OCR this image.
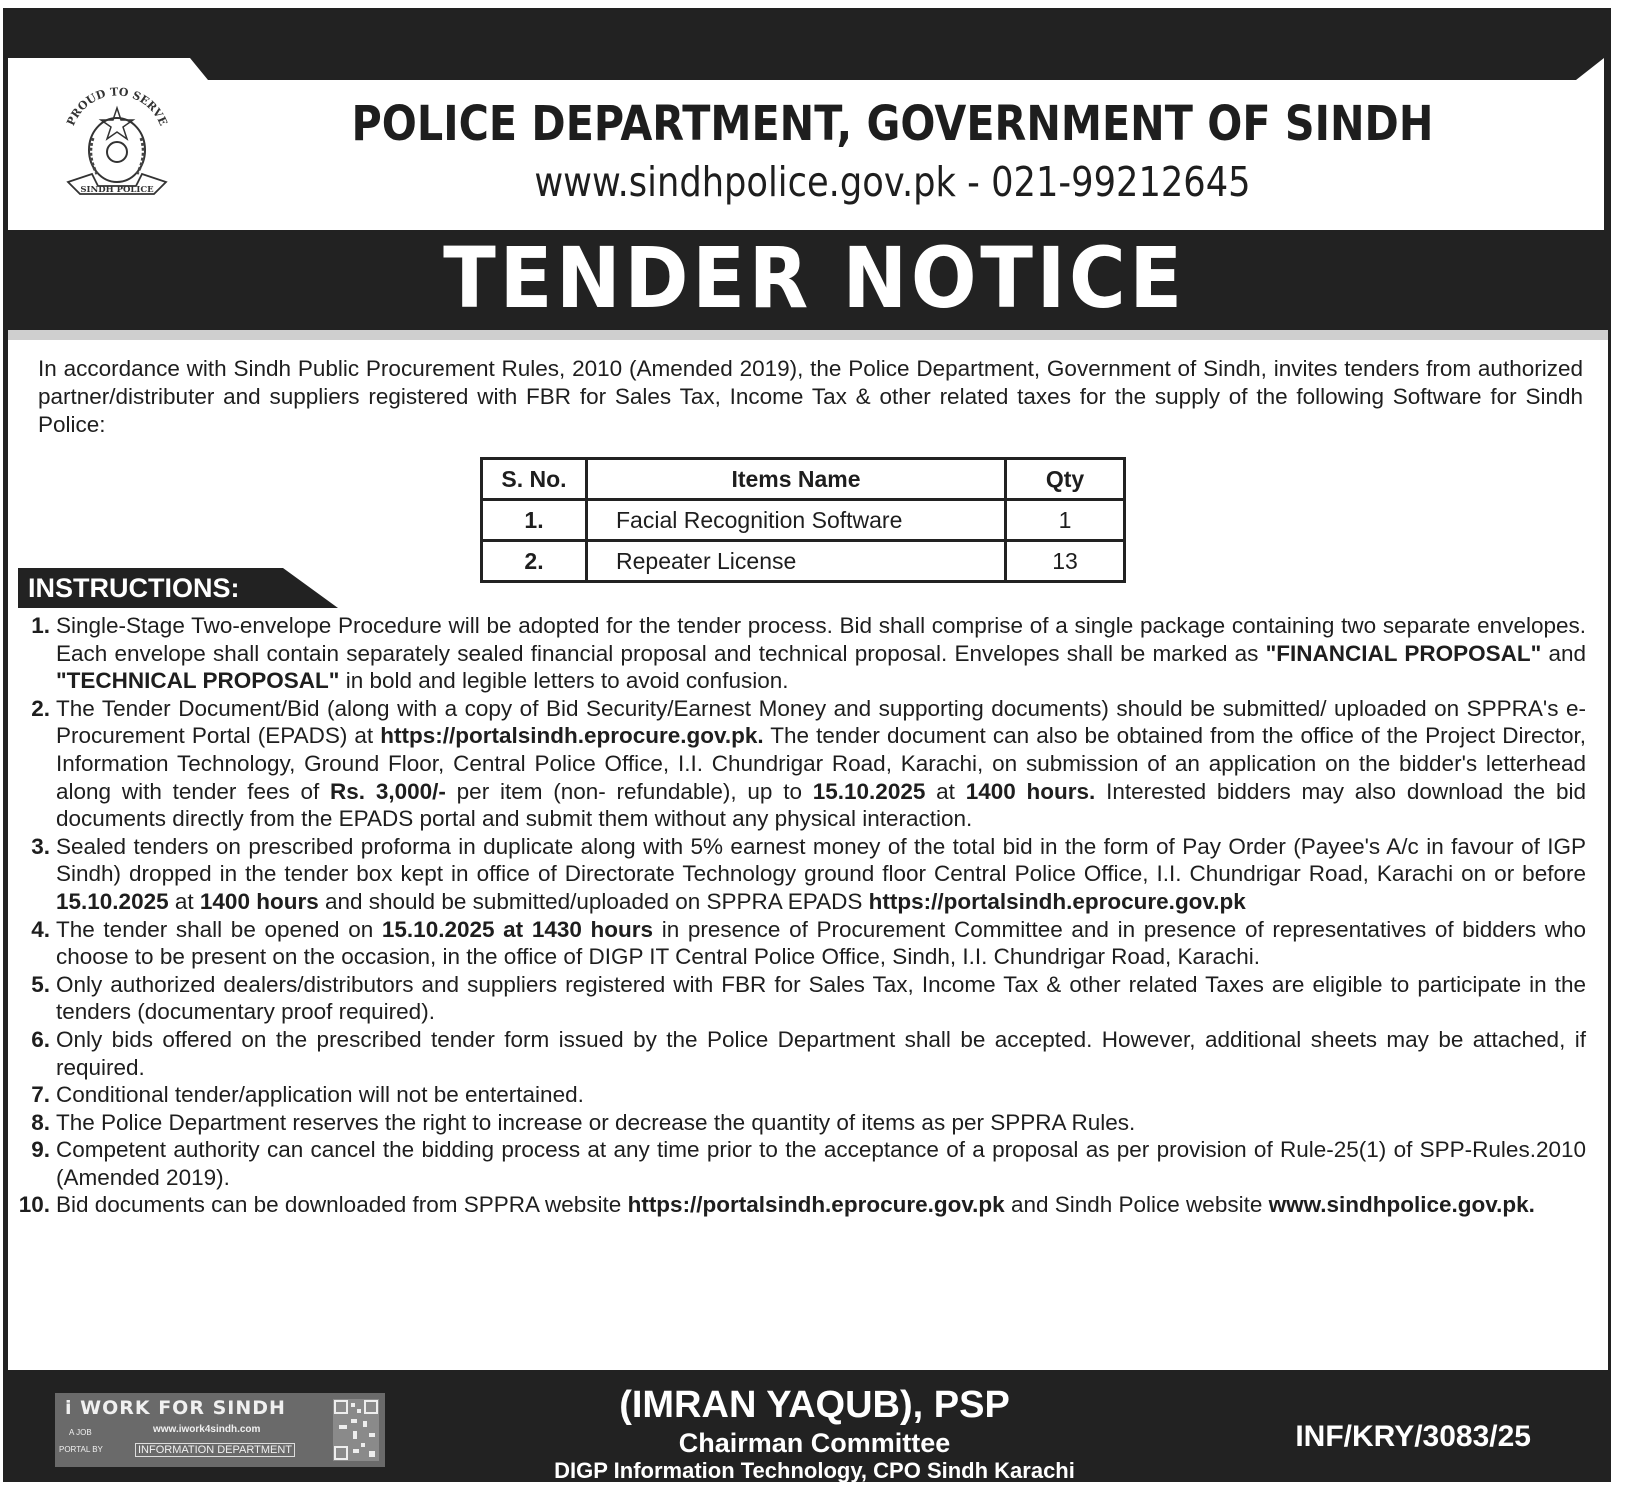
PROUD TO SERVE
SINDH POLICE
POLICE DEPARTMENT, GOVERNMENT OF SINDH
www.sindhpolice.gov.pk - 021-99212645
TENDER NOTICE

In accordance with Sindh Public Procurement Rules, 2010 (Amended 2019), the Police Department, Government of Sindh, invites tenders from authorized partner/distributer and suppliers registered with FBR for Sales Tax, Income Tax & other related taxes for the supply of the following Software for Sindh Police:

S. No.	Items Name	Qty
1.	Facial Recognition Software	1
2.	Repeater License	13
INSTRUCTIONS:
1. Single-Stage Two-envelope Procedure will be adopted for the tender process. Bid shall comprise of a single package containing two separate envelopes. Each envelope shall contain separately sealed financial proposal and technical proposal. Envelopes shall be marked as "FINANCIAL PROPOSAL" and "TECHNICAL PROPOSAL" in bold and legible letters to avoid confusion.
2. The Tender Document/Bid (along with a copy of Bid Security/Earnest Money and supporting documents) should be submitted/ uploaded on SPPRA's e-Procurement Portal (EPADS) at https://portalsindh.eprocure.gov.pk. The tender document can also be obtained from the office of the Project Director, Information Technology, Ground Floor, Central Police Office, I.I. Chundrigar Road, Karachi, on submission of an application on the bidder's letterhead along with tender fees of Rs. 3,000/- per item (non- refundable), up to 15.10.2025 at 1400 hours. Interested bidders may also download the bid documents directly from the EPADS portal and submit them without any physical interaction.
3. Sealed tenders on prescribed proforma in duplicate along with 5% earnest money of the total bid in the form of Pay Order (Payee's A/c in favour of IGP Sindh) dropped in the tender box kept in office of Directorate Technology ground floor Central Police Office, I.I. Chundrigar Road, Karachi on or before 15.10.2025 at 1400 hours and should be submitted/uploaded on SPPRA EPADS https://portalsindh.eprocure.gov.pk
4. The tender shall be opened on 15.10.2025 at 1430 hours in presence of Procurement Committee and in presence of representatives of bidders who choose to be present on the occasion, in the office of DIGP IT Central Police Office, Sindh, I.I. Chundrigar Road, Karachi.
5. Only authorized dealers/distributors and suppliers registered with FBR for Sales Tax, Income Tax & other related Taxes are eligible to participate in the tenders (documentary proof required).
6. Only bids offered on the prescribed tender form issued by the Police Department shall be accepted. However, additional sheets may be attached, if required.
7. Conditional tender/application will not be entertained.
8. The Police Department reserves the right to increase or decrease the quantity of items as per SPPRA Rules.
9. Competent authority can cancel the bidding process at any time prior to the acceptance of a proposal as per provision of Rule-25(1) of SPP-Rules.2010 (Amended 2019).
10. Bid documents can be downloaded from SPPRA website https://portalsindh.eprocure.gov.pk and Sindh Police website www.sindhpolice.gov.pk.
i WORK FOR SINDH
A JOB	www.iwork4sindh.com
PORTAL BY	INFORMATION DEPARTMENT
(IMRAN YAQUB), PSP
Chairman Committee
DIGP Information Technology, CPO Sindh Karachi
INF/KRY/3083/25
